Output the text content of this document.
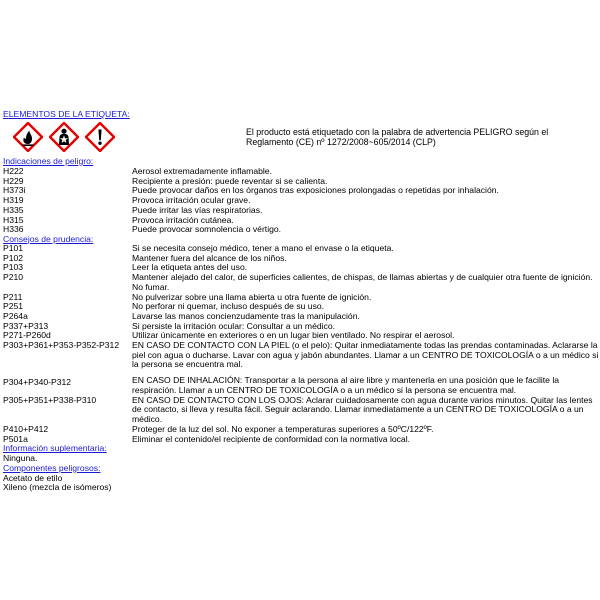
ELEMENTOS DE LA ETIQUETA:
El producto está etiquetado con la palabra de advertencia PELIGRO según el Reglamento (CE) nº 1272/2008~605/2014 (CLP)
Indicaciones de peligro:
H222	Aerosol extremadamente inflamable.
H229	Recipiente a presión: puede reventar si se calienta.
H373i	Puede provocar daños en los órganos tras exposiciones prolongadas o repetidas por inhalación.
H319	Provoca irritación ocular grave.
H335	Puede irritar las vías respiratorias.
H315	Provoca irritación cutánea.
H336	Puede provocar somnolencia o vértigo.
Consejos de prudencia:
P101	Si se necesita consejo médico, tener a mano el envase o la etiqueta.
P102	Mantener fuera del alcance de los niños.
P103	Leer la etiqueta antes del uso.
P210	Mantener alejado del calor, de superficies calientes, de chispas, de llamas abiertas y de cualquier otra fuente de ignición. No fumar.
P211	No pulverizar sobre una llama abierta u otra fuente de ignición.
P251	No perforar ni quemar, incluso después de su uso.
P264a	Lavarse las manos concienzudamente tras la manipulación.
P337+P313	Si persiste la irritación ocular: Consultar a un médico.
P271-P260d	Utilizar únicamente en exteriores o en un lugar bien ventilado. No respirar el aerosol.
P303+P361+P353-P352-P312 EN CASO DE CONTACTO CON LA PIEL (o el pelo): Quitar inmediatamente todas las prendas contaminadas. Aclararse la piel con agua o ducharse. Lavar con agua y jabón abundantes. Llamar a un CENTRO DE TOXICOLOGÍA o a un médico si la persona se encuentra mal.
P304+P340-P312	EN CASO DE INHALACIÓN: Transportar a la persona al aire libre y mantenerla en una posición que le facilite la respiración. Llamar a un CENTRO DE TOXICOLOGÍA o a un médico si la persona se encuentra mal.
P305+P351+P338-P310	EN CASO DE CONTACTO CON LOS OJOS: Aclarar cuidadosamente con agua durante varios minutos. Quitar las lentes de contacto, si lleva y resulta fácil. Seguir aclarando. Llamar inmediatamente a un CENTRO DE TOXICOLOGÍA o a un médico.
P410+P412	Proteger de la luz del sol. No exponer a temperaturas superiores a 50ºC/122ºF.
P501a	Eliminar el contenido/el recipiente de conformidad con la normativa local.
Información suplementaria:
Ninguna.
Componentes peligrosos:
Acetato de etilo
Xileno (mezcla de isómeros)
